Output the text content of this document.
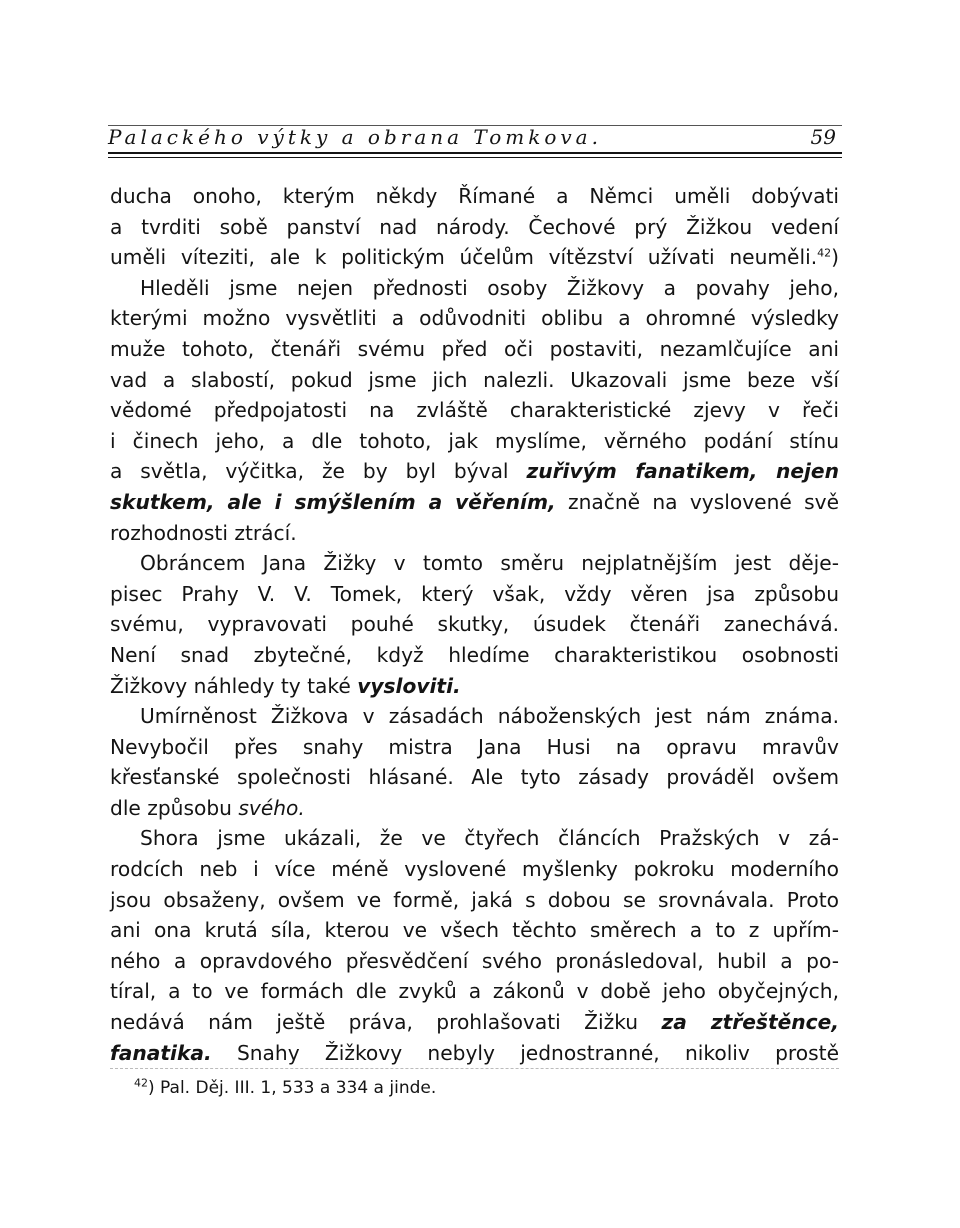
Palackého výtky a obrana Tomkova.	59
ducha onoho, kterým někdy Římané a Němci uměli dobývati
a tvrditi sobě panství nad národy. Čechové prý Žižkou vedení
uměli víteziti, ale k politickým účelům vítězství užívati neuměli.$^{42}$)
Hleděli jsme nejen přednosti osoby Žižkovy a povahy jeho,
kterými možno vysvětliti a odůvodniti oblibu a ohromné výsledky
muže tohoto, čtenáři svému před oči postaviti, nezamlčujíce ani
vad a slabostí, pokud jsme jich nalezli. Ukazovali jsme beze vší
vědomé předpojatosti na zvláště charakteristické zjevy v řeči
i činech jeho, a dle tohoto, jak myslíme, věrného podání stínu
a světla, výčitka, že by byl býval zuřivým fanatikem, nejen
skutkem, ale i smýšlením a věřením, značně na vyslovené svě
rozhodnosti ztrácí.
Obráncem Jana Žižky v tomto směru nejplatnějším jest děje-
pisec Prahy V. V. Tomek, který však, vždy věren jsa způsobu
svému, vypravovati pouhé skutky, úsudek čtenáři zanechává.
Není snad zbytečné, když hledíme charakteristikou osobnosti
Žižkovy náhledy ty také vysloviti.
Umírněnost Žižkova v zásadách náboženských jest nám známa.
Nevybočil přes snahy mistra Jana Husi na opravu mravův
křesťanské společnosti hlásané. Ale tyto zásady prováděl ovšem
dle způsobu svého.
Shora jsme ukázali, že ve čtyřech článcích Pražských v zá-
rodcích neb i více méně vyslovené myšlenky pokroku moderního
jsou obsaženy, ovšem ve formě, jaká s dobou se srovnávala. Proto
ani ona krutá síla, kterou ve všech těchto směrech a to z upřím-
ného a opravdového přesvědčení svého pronásledoval, hubil a po-
tíral, a to ve formách dle zvyků a zákonů v době jeho obyčejných,
nedává nám ještě práva, prohlašovati Žižku za ztřeštěnce,
fanatika. Snahy Žižkovy nebyly jednostranné, nikoliv prostě
$^{42}$) Pal. Děj. III. 1, 533 a 334 a jinde.
